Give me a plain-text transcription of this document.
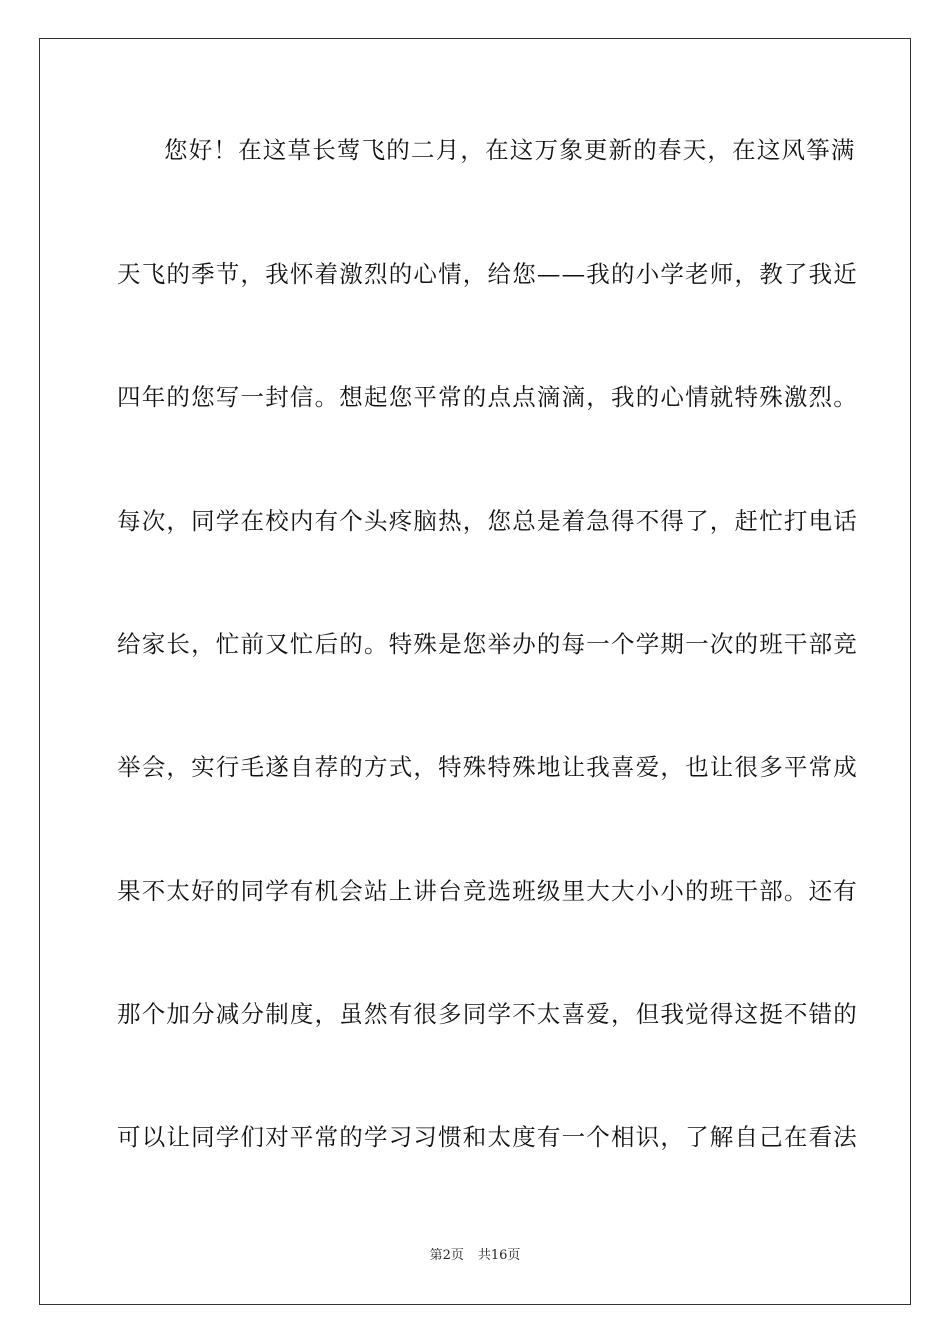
您好！在这草长莺飞的二月，在这万象更新的春天，在这风筝满
天飞的季节，我怀着激烈的心情，给您——我的小学老师，教了我近
四年的您写一封信。想起您平常的点点滴滴，我的心情就特殊激烈。
每次，同学在校内有个头疼脑热，您总是着急得不得了，赶忙打电话
给家长，忙前又忙后的。特殊是您举办的每一个学期一次的班干部竞
举会，实行毛遂自荐的方式，特殊特殊地让我喜爱，也让很多平常成
果不太好的同学有机会站上讲台竞选班级里大大小小的班干部。还有
那个加分减分制度，虽然有很多同学不太喜爱，但我觉得这挺不错的
可以让同学们对平常的学习习惯和太度有一个相识，了解自己在看法
第2页 共16页
